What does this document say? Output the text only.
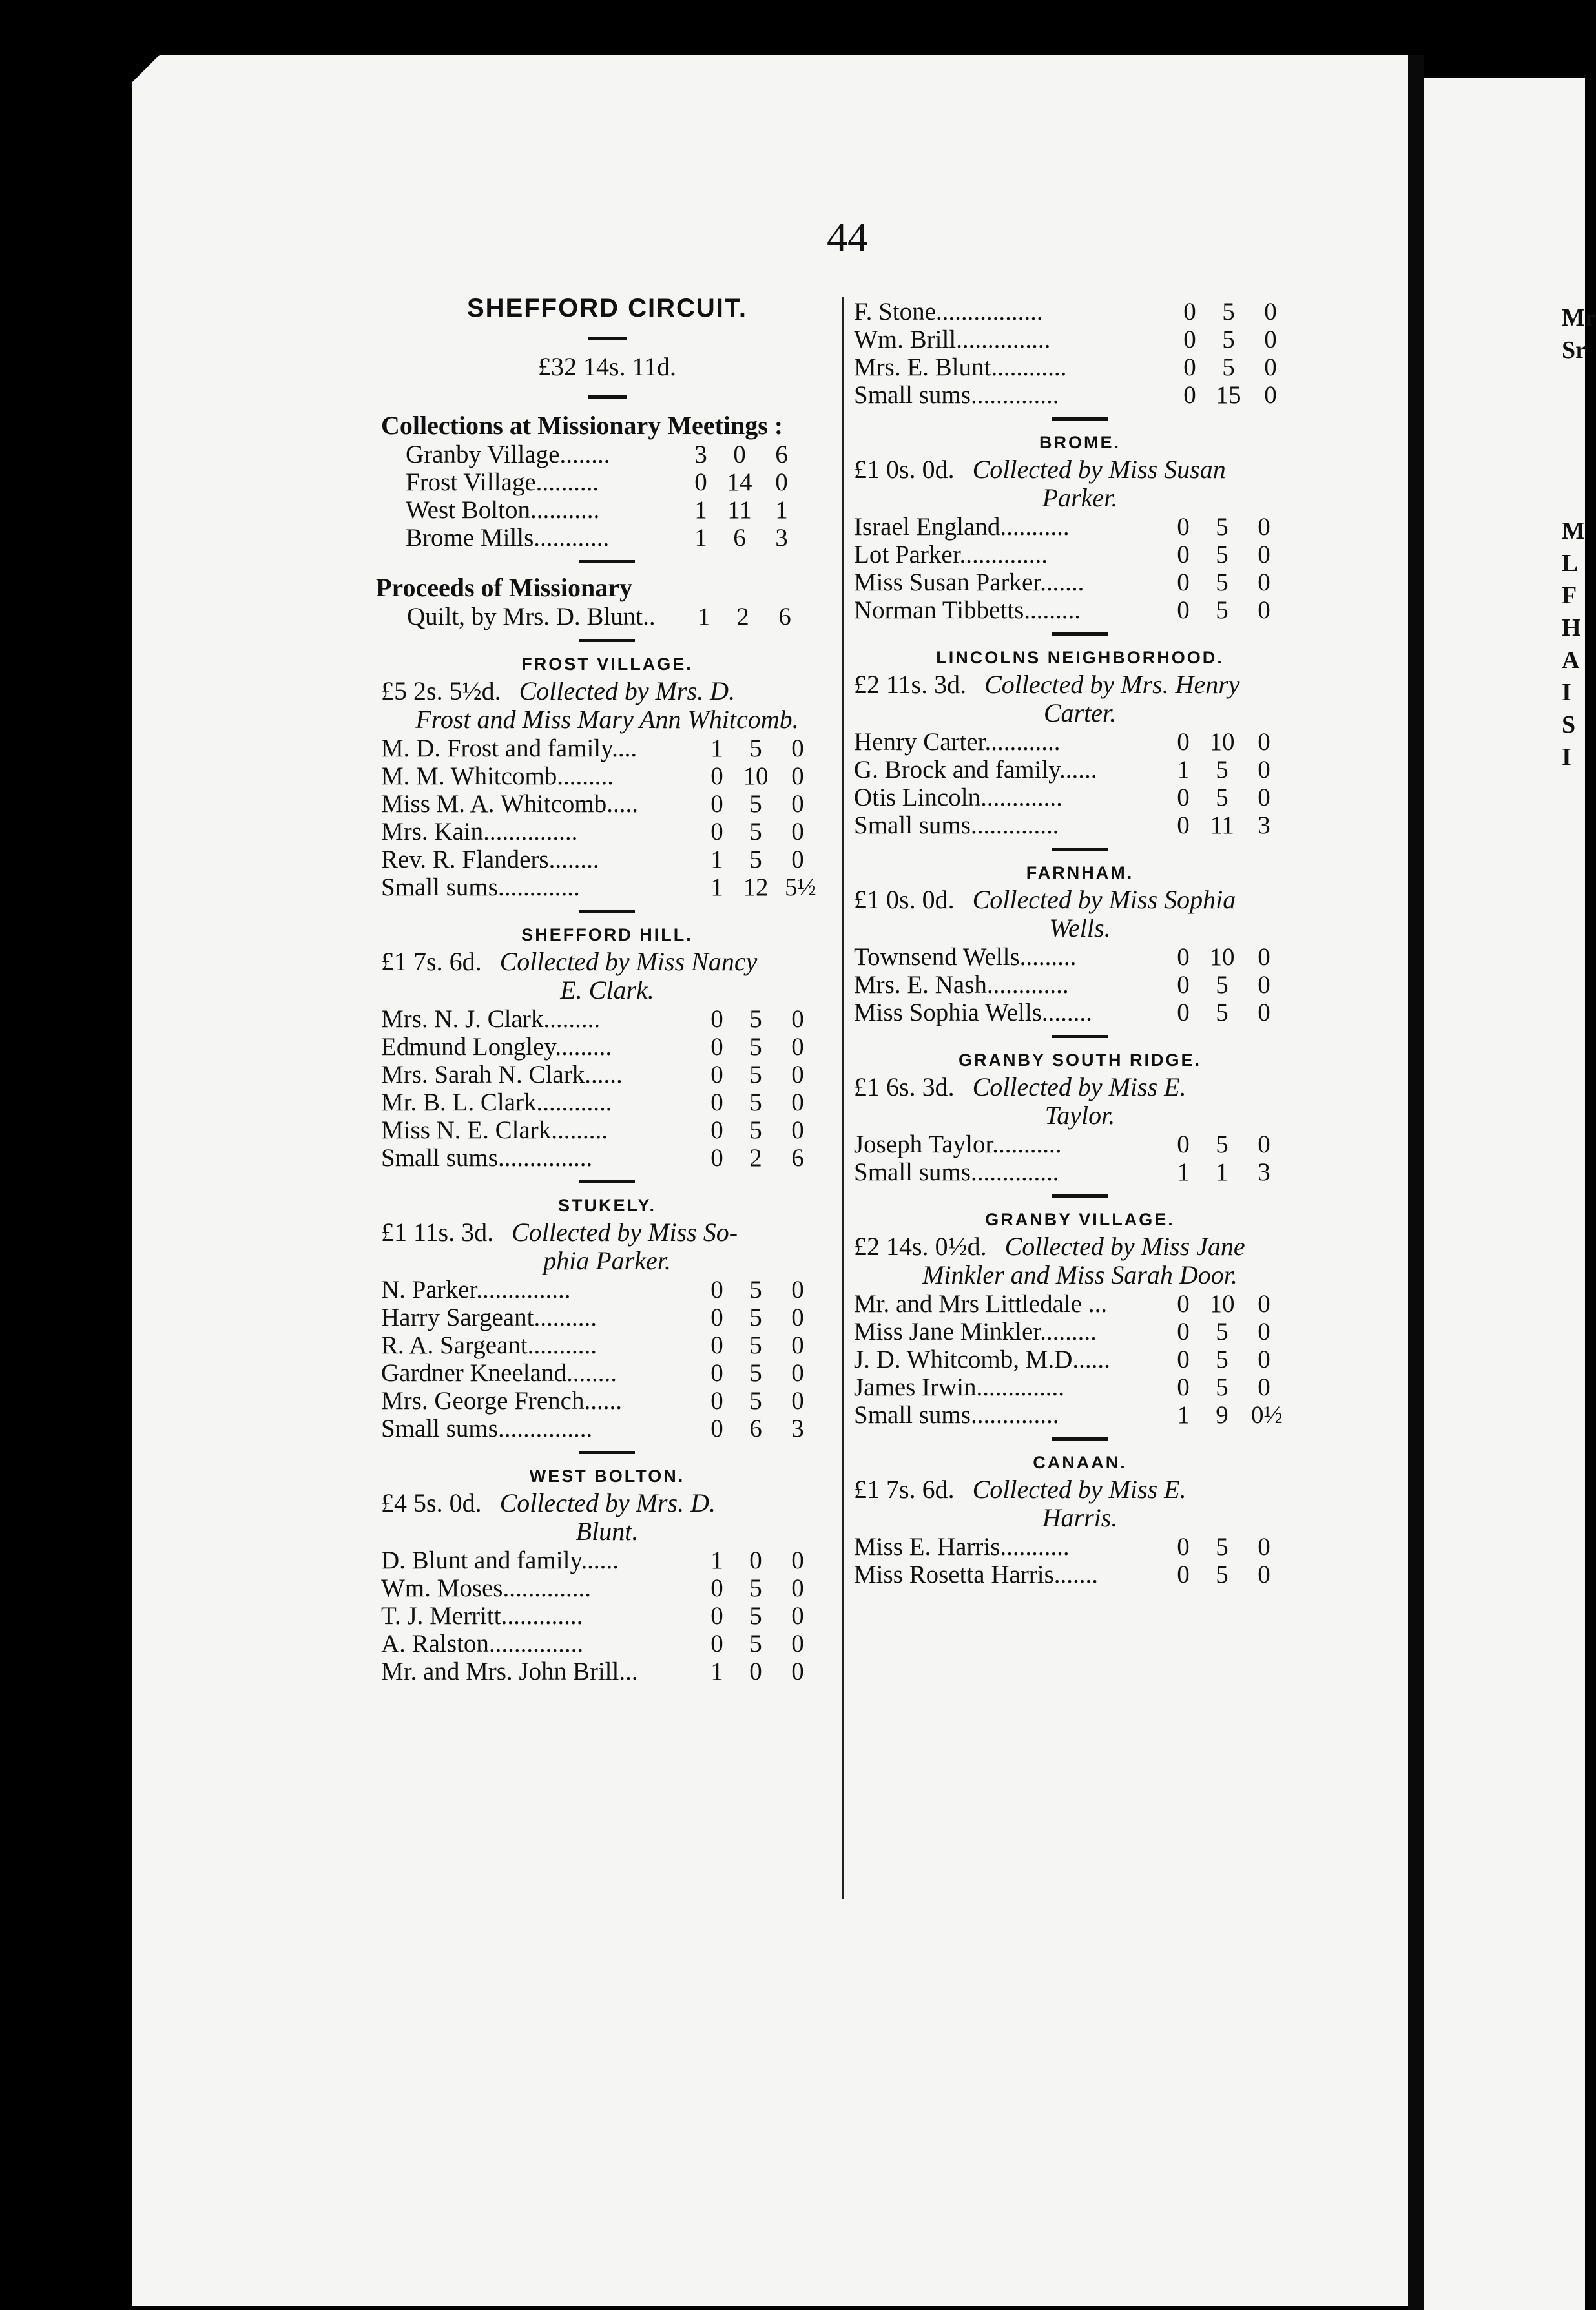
Mr
Sr
M
L
F
H
A
I
S
I
44
SHEFFORD CIRCUIT.
£32 14s. 11d.
Collections at Missionary Meetings :
Granby Village........	3 0 6
Frost Village..........	0 14 0
West Bolton...........	1 11 1
Brome Mills............	1 6 3
Proceeds of Missionary
Quilt, by Mrs. D. Blunt.. 1 2 6
FROST VILLAGE.
£5 2s. 5½d. Collected by Mrs. D.
Frost and Miss Mary Ann Whitcomb.
M. D. Frost and family....	1 5 0
M. M. Whitcomb.........	0 10 0
Miss M. A. Whitcomb.....	0 5 0
Mrs. Kain...............	0 5 0
Rev. R. Flanders........	1 5 0
Small sums.............	1 12 5½
SHEFFORD HILL.
£1 7s. 6d. Collected by Miss Nancy
E. Clark.
Mrs. N. J. Clark.........	0 5 0
Edmund Longley.........	0 5 0
Mrs. Sarah N. Clark......	0 5 0
Mr. B. L. Clark............	0 5 0
Miss N. E. Clark.........	0 5 0
Small sums...............	0 2 6
STUKELY.
£1 11s. 3d. Collected by Miss So-
phia Parker.
N. Parker...............	0 5 0
Harry Sargeant..........	0 5 0
R. A. Sargeant...........	0 5 0
Gardner Kneeland........	0 5 0
Mrs. George French......	0 5 0
Small sums...............	0 6 3
WEST BOLTON.
£4 5s. 0d. Collected by Mrs. D.
Blunt.
D. Blunt and family......	1 0 0
Wm. Moses..............	0 5 0
T. J. Merritt.............	0 5 0
A. Ralston...............	0 5 0
Mr. and Mrs. John Brill...	1 0 0
F. Stone.................	0 5 0
Wm. Brill...............	0 5 0
Mrs. E. Blunt............	0 5 0
Small sums..............	0 15 0
BROME.
£1 0s. 0d. Collected by Miss Susan
Parker.
Israel England...........	0 5 0
Lot Parker..............	0 5 0
Miss Susan Parker.......	0 5 0
Norman Tibbetts.........	0 5 0
LINCOLNS NEIGHBORHOOD.
£2 11s. 3d. Collected by Mrs. Henry
Carter.
Henry Carter............	0 10 0
G. Brock and family......	1 5 0
Otis Lincoln.............	0 5 0
Small sums..............	0 11 3
FARNHAM.
£1 0s. 0d. Collected by Miss Sophia
Wells.
Townsend Wells.........	0 10 0
Mrs. E. Nash.............	0 5 0
Miss Sophia Wells........	0 5 0
GRANBY SOUTH RIDGE.
£1 6s. 3d. Collected by Miss E.
Taylor.
Joseph Taylor...........	0 5 0
Small sums..............	1 1 3
GRANBY VILLAGE.
£2 14s. 0½d. Collected by Miss Jane
Minkler and Miss Sarah Door.
Mr. and Mrs Littledale ...	0 10 0
Miss Jane Minkler.........	0 5 0
J. D. Whitcomb, M.D......	0 5 0
James Irwin..............	0 5 0
Small sums..............	1 9 0½
CANAAN.
£1 7s. 6d. Collected by Miss E.
Harris.
Miss E. Harris...........	0 5 0
Miss Rosetta Harris.......	0 5 0
